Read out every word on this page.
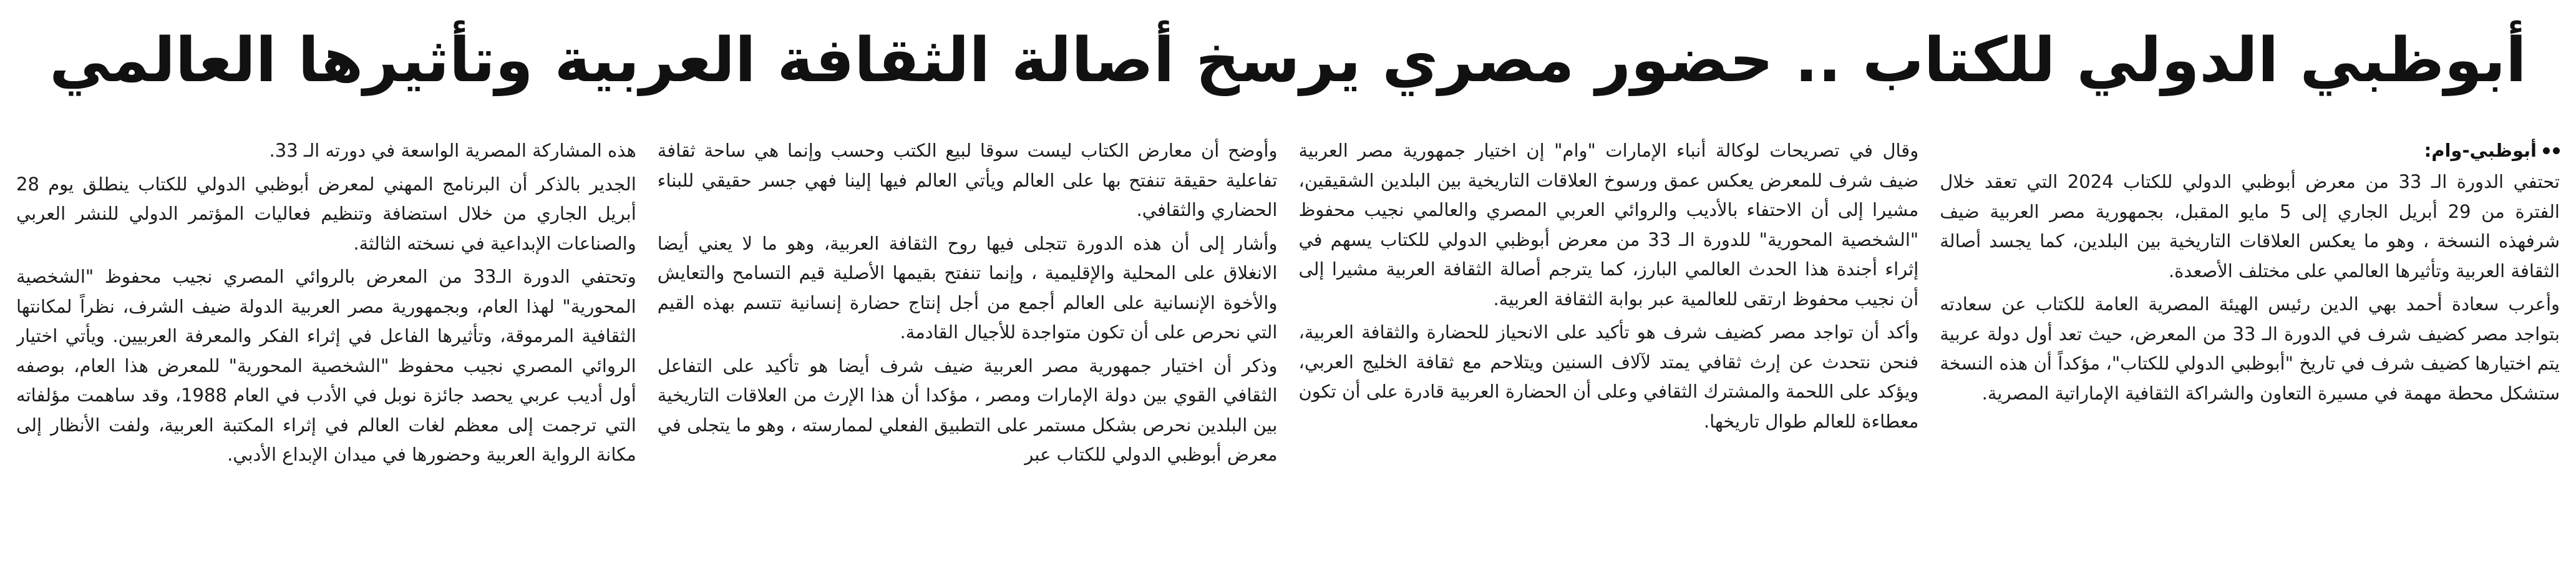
أبوظبي الدولي للكتاب .. حضور مصري يرسخ أصالة الثقافة العربية وتأثيرها العالمي
أبوظبي-وام:

تحتفي الدورة الـ 33 من معرض أبوظبي الدولي للكتاب 2024 التي تعقد خلال الفترة من 29 أبريل الجاري إلى 5 مايو المقبل، بجمهورية مصر العربية ضيف شرفهذه النسخة ، وهو ما يعكس العلاقات التاريخية بين البلدين، كما يجسد أصالة الثقافة العربية وتأثيرها العالمي على مختلف الأصعدة.

وأعرب سعادة أحمد بهي الدين رئيس الهيئة المصرية العامة للكتاب عن سعادته بتواجد مصر كضيف شرف في الدورة الـ 33 من المعرض، حيث تعد أول دولة عربية يتم اختيارها كضيف شرف في تاريخ "أبوظبي الدولي للكتاب"، مؤكداً أن هذه النسخة ستشكل محطة مهمة في مسيرة التعاون والشراكة الثقافية الإماراتية المصرية.

وقال في تصريحات لوكالة أنباء الإمارات "وام" إن اختيار جمهورية مصر العربية ضيف شرف للمعرض يعكس عمق ورسوخ العلاقات التاريخية بين البلدين الشقيقين، مشيرا إلى أن الاحتفاء بالأديب والروائي العربي المصري والعالمي نجيب محفوظ "الشخصية المحورية" للدورة الـ 33 من معرض أبوظبي الدولي للكتاب يسهم في إثراء أجندة هذا الحدث العالمي البارز، كما يترجم أصالة الثقافة العربية مشيرا إلى أن نجيب محفوظ ارتقى للعالمية عبر بوابة الثقافة العربية.

وأكد أن تواجد مصر كضيف شرف هو تأكيد على الانحياز للحضارة والثقافة العربية، فنحن نتحدث عن إرث ثقافي يمتد لآلاف السنين ويتلاحم مع ثقافة الخليج العربي، ويؤكد على اللحمة والمشترك الثقافي وعلى أن الحضارة العربية قادرة على أن تكون معطاءة للعالم طوال تاريخها.

وأوضح أن معارض الكتاب ليست سوقا لبيع الكتب وحسب وإنما هي ساحة ثقافة تفاعلية حقيقة تنفتح بها على العالم ويأتي العالم فيها إلينا فهي جسر حقيقي للبناء الحضاري والثقافي.

وأشار إلى أن هذه الدورة تتجلى فيها روح الثقافة العربية، وهو ما لا يعني أيضا الانغلاق على المحلية والإقليمية ، وإنما تنفتح بقيمها الأصلية قيم التسامح والتعايش والأخوة الإنسانية على العالم أجمع من أجل إنتاج حضارة إنسانية تتسم بهذه القيم التي نحرص على أن تكون متواجدة للأجيال القادمة.

وذكر أن اختيار جمهورية مصر العربية ضيف شرف أيضا هو تأكيد على التفاعل الثقافي القوي بين دولة الإمارات ومصر ، مؤكدا أن هذا الإرث من العلاقات التاريخية بين البلدين نحرص بشكل مستمر على التطبيق الفعلي لممارسته ، وهو ما يتجلى في معرض أبوظبي الدولي للكتاب عبر

هذه المشاركة المصرية الواسعة في دورته الـ 33.

الجدير بالذكر أن البرنامج المهني لمعرض أبوظبي الدولي للكتاب ينطلق يوم 28 أبريل الجاري من خلال استضافة وتنظيم فعاليات المؤتمر الدولي للنشر العربي والصناعات الإبداعية في نسخته الثالثة.

وتحتفي الدورة الـ33 من المعرض بالروائي المصري نجيب محفوظ "الشخصية المحورية" لهذا العام، وبجمهورية مصر العربية الدولة ضيف الشرف، نظراً لمكانتها الثقافية المرموقة، وتأثيرها الفاعل في إثراء الفكر والمعرفة العربيين. ويأتي اختيار الروائي المصري نجيب محفوظ "الشخصية المحورية" للمعرض هذا العام، بوصفه أول أديب عربي يحصد جائزة نوبل في الأدب في العام 1988، وقد ساهمت مؤلفاته التي ترجمت إلى معظم لغات العالم في إثراء المكتبة العربية، ولفت الأنظار إلى مكانة الرواية العربية وحضورها في ميدان الإبداع الأدبي.
